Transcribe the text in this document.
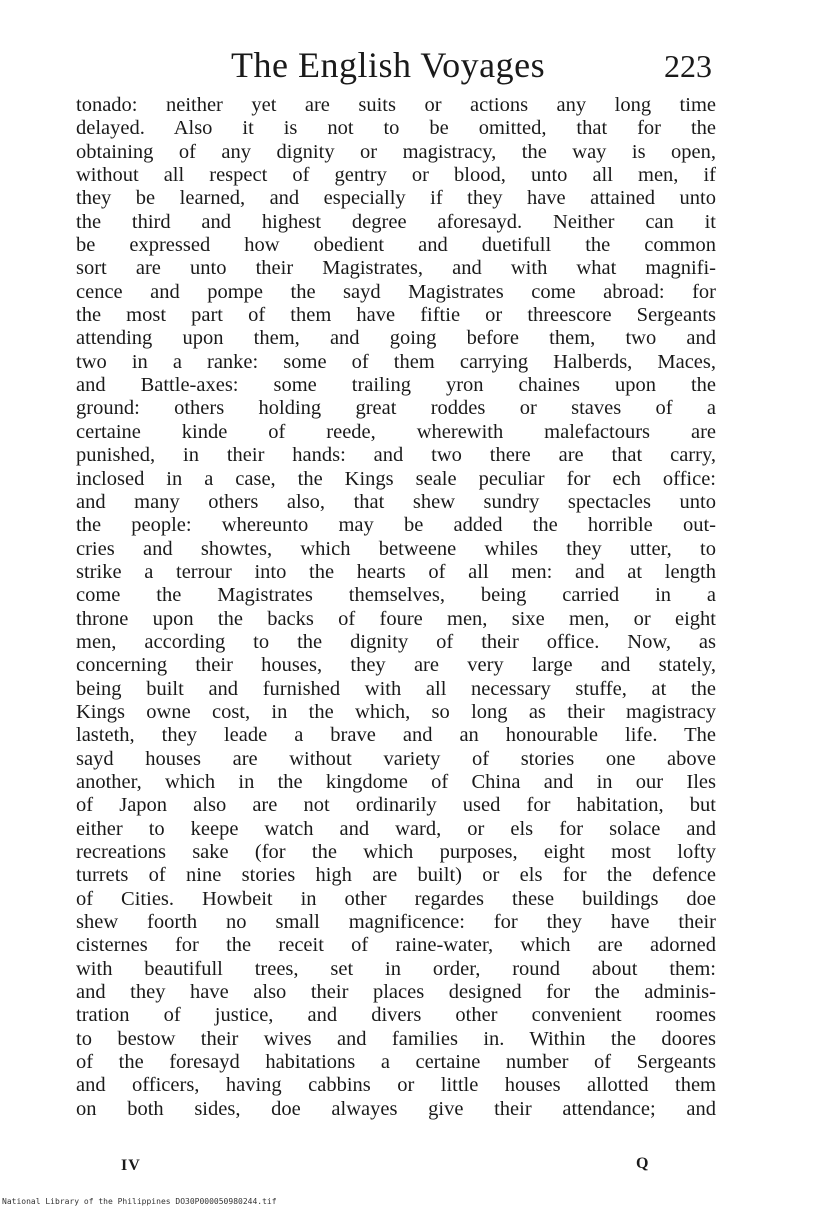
The English Voyages	223
tonado: neither yet are suits or actions any long time
delayed. Also it is not to be omitted, that for the
obtaining of any dignity or magistracy, the way is open,
without all respect of gentry or blood, unto all men, if
they be learned, and especially if they have attained unto
the third and highest degree aforesayd. Neither can it
be expressed how obedient and duetifull the common
sort are unto their Magistrates, and with what magnifi-
cence and pompe the sayd Magistrates come abroad: for
the most part of them have fiftie or threescore Sergeants
attending upon them, and going before them, two and
two in a ranke: some of them carrying Halberds, Maces,
and Battle-axes: some trailing yron chaines upon the
ground: others holding great roddes or staves of a
certaine kinde of reede, wherewith malefactours are
punished, in their hands: and two there are that carry,
inclosed in a case, the Kings seale peculiar for ech office:
and many others also, that shew sundry spectacles unto
the people: whereunto may be added the horrible out-
cries and showtes, which betweene whiles they utter, to
strike a terrour into the hearts of all men: and at length
come the Magistrates themselves, being carried in a
throne upon the backs of foure men, sixe men, or eight
men, according to the dignity of their office. Now, as
concerning their houses, they are very large and stately,
being built and furnished with all necessary stuffe, at the
Kings owne cost, in the which, so long as their magistracy
lasteth, they leade a brave and an honourable life. The
sayd houses are without variety of stories one above
another, which in the kingdome of China and in our Iles
of Japon also are not ordinarily used for habitation, but
either to keepe watch and ward, or els for solace and
recreations sake (for the which purposes, eight most lofty
turrets of nine stories high are built) or els for the defence
of Cities. Howbeit in other regardes these buildings doe
shew foorth no small magnificence: for they have their
cisternes for the receit of raine-water, which are adorned
with beautifull trees, set in order, round about them:
and they have also their places designed for the adminis-
tration of justice, and divers other convenient roomes
to bestow their wives and families in. Within the doores
of the foresayd habitations a certaine number of Sergeants
and officers, having cabbins or little houses allotted them
on both sides, doe alwayes give their attendance; and
IV	Q
National Library of the Philippines DO30P000050980244.tif
